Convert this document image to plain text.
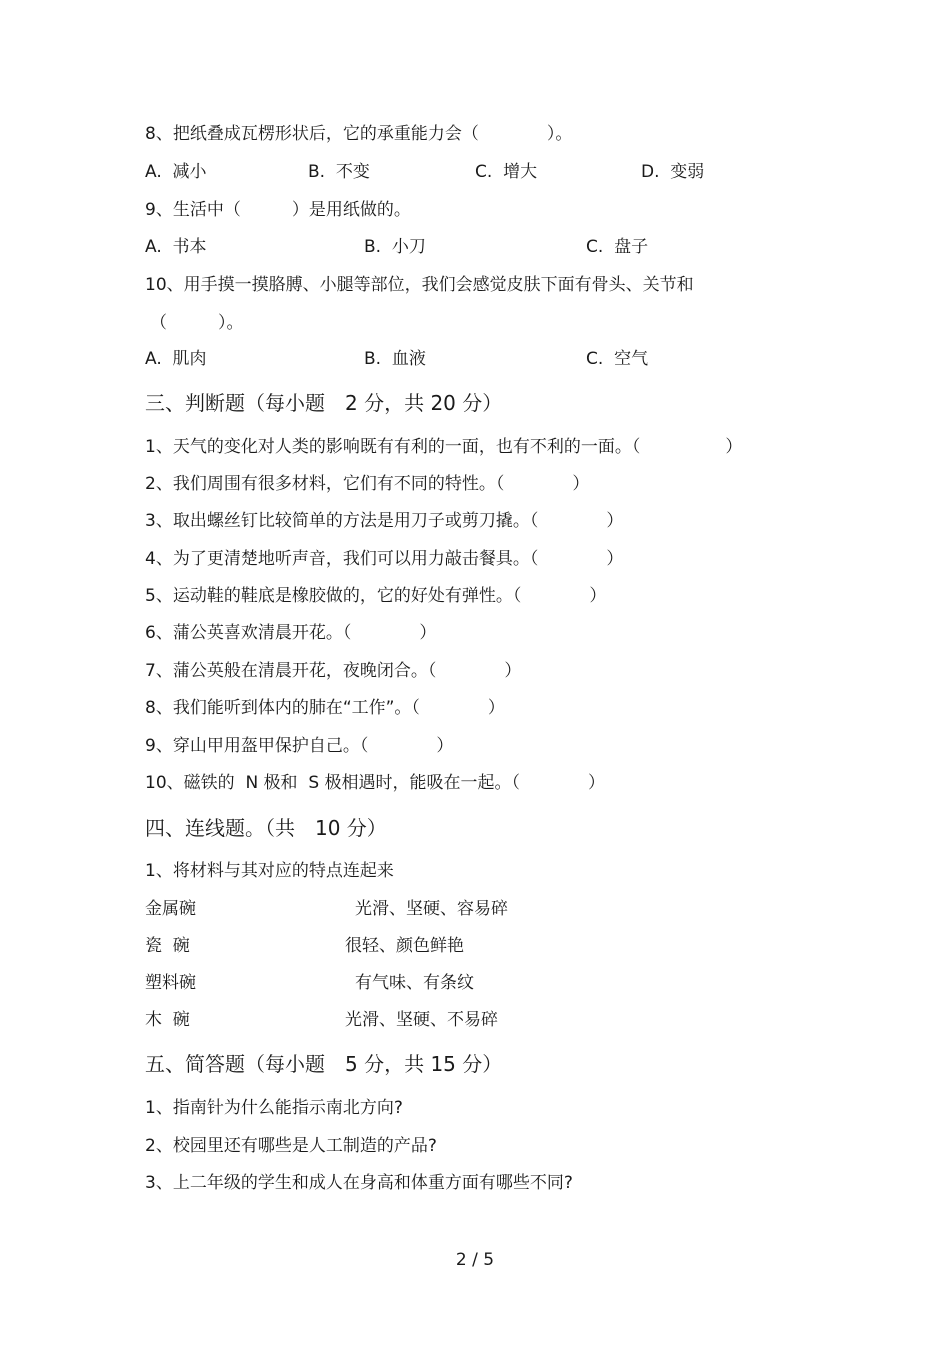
8、把纸叠成瓦楞形状后，它的承重能力会（　　　　）。
A.  减小	B.  不变	C.  增大	D.  变弱
9、生活中（　　　）是用纸做的。
A.  书本	B.  小刀	C.  盘子
10、用手摸一摸胳膊、小腿等部位，我们会感觉皮肤下面有骨头、关节和
（　　　）。
A.  肌肉	B.  血液	C.  空气
三、判断题（每小题　2 分，共 20 分）
1、天气的变化对人类的影响既有有利的一面，也有不利的一面。（　　　　　）
2、我们周围有很多材料，它们有不同的特性。（　　　　）
3、取出螺丝钉比较简单的方法是用刀子或剪刀撬。（　　　　）
4、为了更清楚地听声音，我们可以用力敲击餐具。（　　　　）
5、运动鞋的鞋底是橡胶做的，它的好处有弹性。（　　　　）
6、蒲公英喜欢清晨开花。（　　　　）
7、蒲公英般在清晨开花，夜晚闭合。（　　　　）
8、我们能听到体内的肺在“工作”。（　　　　）
9、穿山甲用盔甲保护自己。（　　　　）
10、磁铁的  N 极和  S 极相遇时，能吸在一起。（　　　　）
四、连线题。（共　10 分）
1、将材料与其对应的特点连起来
金属碗	光滑、坚硬、容易碎
瓷  碗	很轻、颜色鲜艳
塑料碗	有气味、有条纹
木  碗	光滑、坚硬、不易碎
五、简答题（每小题　5 分，共 15 分）
1、指南针为什么能指示南北方向?
2、校园里还有哪些是人工制造的产品?
3、上二年级的学生和成人在身高和体重方面有哪些不同?
2 / 5
